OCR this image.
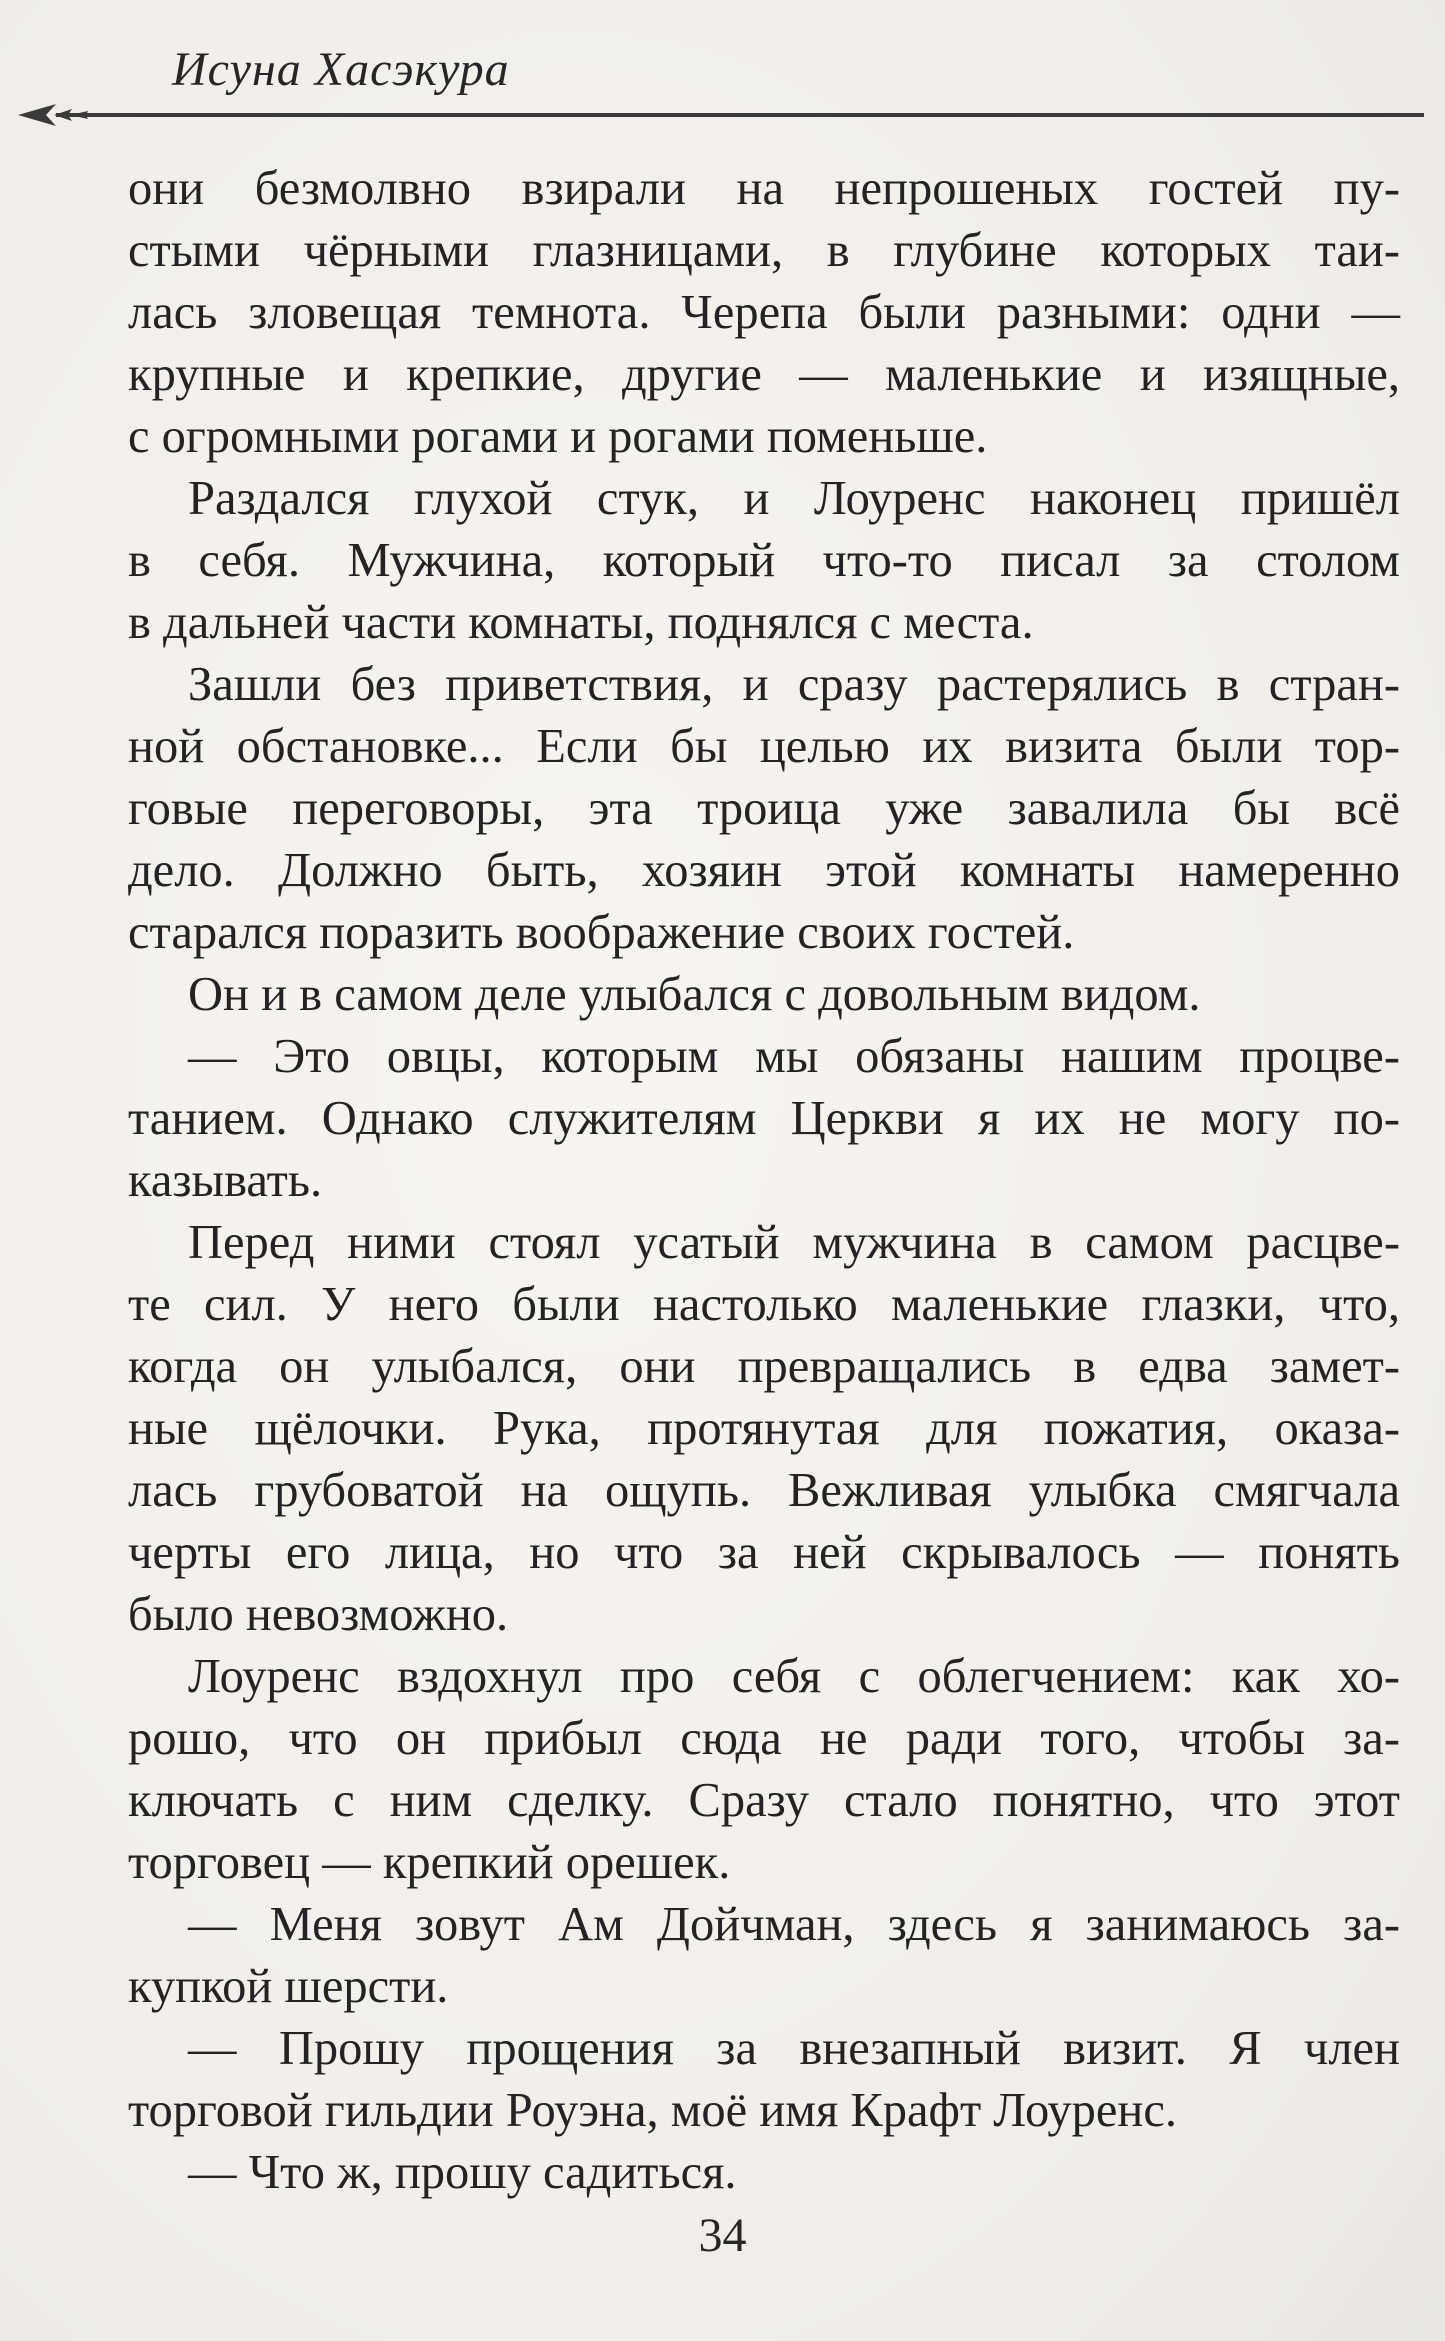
Исуна Хасэкура
они безмолвно взирали на непрошеных гостей пу-
стыми чёрными глазницами, в глубине которых таи-
лась зловещая темнота. Черепа были разными: одни —
крупные и крепкие, другие — маленькие и изящные,
с огромными рогами и рогами поменьше.
Раздался глухой стук, и Лоуренс наконец пришёл
в себя. Мужчина, который что-то писал за столом
в дальней части комнаты, поднялся с места.
Зашли без приветствия, и сразу растерялись в стран-
ной обстановке... Если бы целью их визита были тор-
говые переговоры, эта троица уже завалила бы всё
дело. Должно быть, хозяин этой комнаты намеренно
старался поразить воображение своих гостей.
Он и в самом деле улыбался с довольным видом.
— Это овцы, которым мы обязаны нашим процве-
танием. Однако служителям Церкви я их не могу по-
казывать.
Перед ними стоял усатый мужчина в самом расцве-
те сил. У него были настолько маленькие глазки, что,
когда он улыбался, они превращались в едва замет-
ные щёлочки. Рука, протянутая для пожатия, оказа-
лась грубоватой на ощупь. Вежливая улыбка смягчала
черты его лица, но что за ней скрывалось — понять
было невозможно.
Лоуренс вздохнул про себя с облегчением: как хо-
рошо, что он прибыл сюда не ради того, чтобы за-
ключать с ним сделку. Сразу стало понятно, что этот
торговец — крепкий орешек.
— Меня зовут Ам Дойчман, здесь я занимаюсь за-
купкой шерсти.
— Прошу прощения за внезапный визит. Я член
торговой гильдии Роуэна, моё имя Крафт Лоуренс.
— Что ж, прошу садиться.
34
